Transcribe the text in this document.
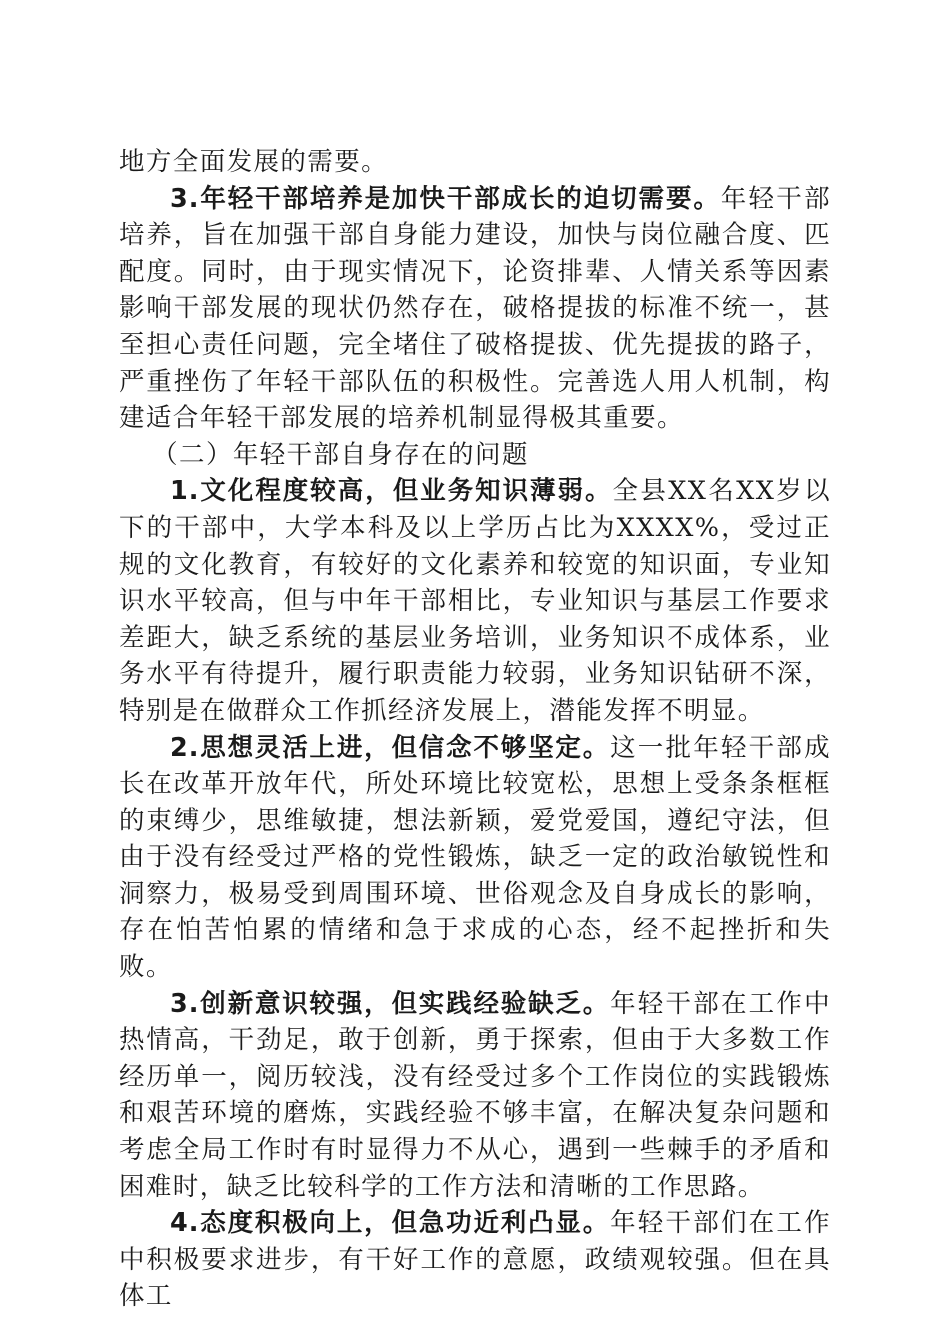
地方全面发展的需要。

3.年轻干部培养是加快干部成长的迫切需要。年轻干部培养，旨在加强干部自身能力建设，加快与岗位融合度、匹配度。同时，由于现实情况下，论资排辈、人情关系等因素影响干部发展的现状仍然存在，破格提拔的标准不统一，甚至担心责任问题，完全堵住了破格提拔、优先提拔的路子，严重挫伤了年轻干部队伍的积极性。完善选人用人机制，构建适合年轻干部发展的培养机制显得极其重要。

（二）年轻干部自身存在的问题

1.文化程度较高，但业务知识薄弱。全县XX名XX岁以下的干部中，大学本科及以上学历占比为XXXX%，受过正规的文化教育，有较好的文化素养和较宽的知识面，专业知识水平较高，但与中年干部相比，专业知识与基层工作要求差距大，缺乏系统的基层业务培训，业务知识不成体系，业务水平有待提升，履行职责能力较弱，业务知识钻研不深，特别是在做群众工作抓经济发展上，潜能发挥不明显。

2.思想灵活上进，但信念不够坚定。这一批年轻干部成长在改革开放年代，所处环境比较宽松，思想上受条条框框的束缚少，思维敏捷，想法新颖，爱党爱国，遵纪守法，但由于没有经受过严格的党性锻炼，缺乏一定的政治敏锐性和洞察力，极易受到周围环境、世俗观念及自身成长的影响，存在怕苦怕累的情绪和急于求成的心态，经不起挫折和失败。

3.创新意识较强，但实践经验缺乏。年轻干部在工作中热情高，干劲足，敢于创新，勇于探索，但由于大多数工作经历单一，阅历较浅，没有经受过多个工作岗位的实践锻炼和艰苦环境的磨炼，实践经验不够丰富，在解决复杂问题和考虑全局工作时有时显得力不从心，遇到一些棘手的矛盾和困难时，缺乏比较科学的工作方法和清晰的工作思路。

4.态度积极向上，但急功近利凸显。年轻干部们在工作中积极要求进步，有干好工作的意愿，政绩观较强。但在具体工
